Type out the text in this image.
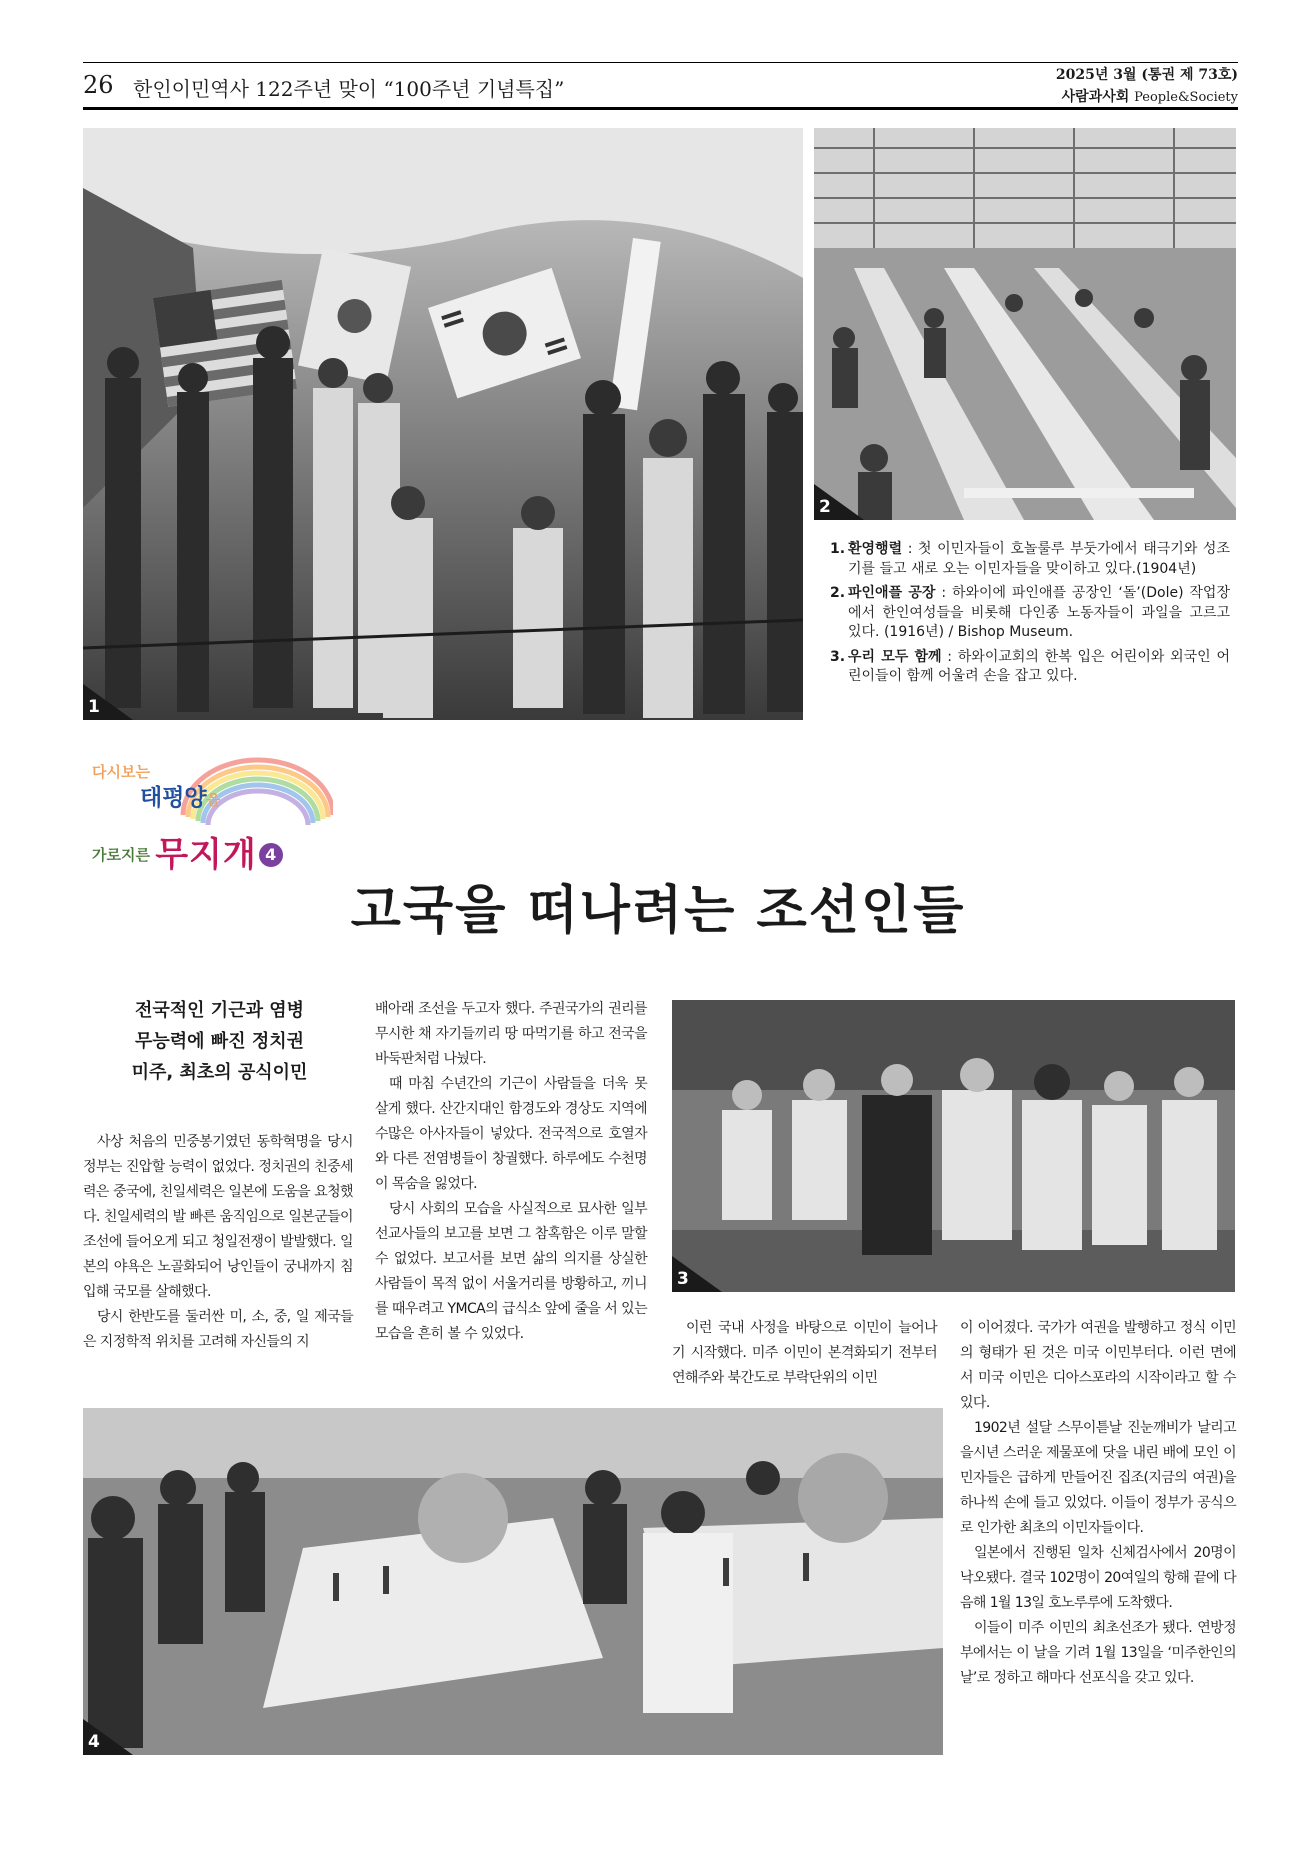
26 한인이민역사 122주년 맞이 “100주년 기념특집”
2025년 3월 (통권 제 73호)
사람과사회 People&Society
1
2
1. 환영행렬 : 첫 이민자들이 호놀룰루 부둣가에서 태극기와 성조기를 들고 새로 오는 이민자들을 맞이하고 있다.(1904년)
2. 파인애플 공장 : 하와이에 파인애플 공장인 ‘돌’(Dole) 작업장에서 한인여성들을 비롯해 다인종 노동자들이 과일을 고르고 있다. (1916년) / Bishop Museum.
3. 우리 모두 함께 : 하와이교회의 한복 입은 어린이와 외국인 어린이들이 함께 어울려 손을 잡고 있다.
다시보는
태평양을
가로지른 무지개 4
고국을 떠나려는 조선인들
전국적인 기근과 염병
무능력에 빠진 정치권
미주, 최초의 공식이민

사상 처음의 민중봉기였던 동학혁명을 당시 정부는 진압할 능력이 없었다. 정치권의 친중세력은 중국에, 친일세력은 일본에 도움을 요청했다. 친일세력의 발 빠른 움직임으로 일본군들이 조선에 들어오게 되고 청일전쟁이 발발했다. 일본의 야욕은 노골화되어 낭인들이 궁내까지 침입해 국모를 살해했다.

당시 한반도를 둘러싼 미, 소, 중, 일 제국들은 지정학적 위치를 고려해 자신들의 지

배아래 조선을 두고자 했다. 주권국가의 권리를 무시한 채 자기들끼리 땅 따먹기를 하고 전국을 바둑판처럼 나눴다.

때 마침 수년간의 기근이 사람들을 더욱 못 살게 했다. 산간지대인 함경도와 경상도 지역에 수많은 아사자들이 넣았다. 전국적으로 호열자와 다른 전염병들이 창궐했다. 하루에도 수천명이 목숨을 잃었다.

당시 사회의 모습을 사실적으로 묘사한 일부 선교사들의 보고를 보면 그 참혹함은 이루 말할 수 없었다. 보고서를 보면 삶의 의지를 상실한 사람들이 목적 없이 서울거리를 방황하고, 끼니를 때우려고 YMCA의 급식소 앞에 줄을 서 있는 모습을 흔히 볼 수 있었다.

3

이런 국내 사정을 바탕으로 이민이 늘어나기 시작했다. 미주 이민이 본격화되기 전부터 연해주와 북간도로 부락단위의 이민

이 이어졌다. 국가가 여권을 발행하고 정식 이민의 형태가 된 것은 미국 이민부터다. 이런 면에서 미국 이민은 디아스포라의 시작이라고 할 수 있다.

1902년 설달 스무이튿날 진눈깨비가 날리고 을시년 스러운 제물포에 닷을 내린 배에 모인 이민자들은 급하게 만들어진 집조(지금의 여권)을 하나씩 손에 들고 있었다. 이들이 정부가 공식으로 인가한 최초의 이민자들이다.

일본에서 진행된 일차 신체검사에서 20명이 낙오됐다. 결국 102명이 20여일의 항해 끝에 다음해 1월 13일 호노루루에 도착했다.

이들이 미주 이민의 최초선조가 됐다. 연방정부에서는 이 날을 기려 1월 13일을 ‘미주한인의 날’로 정하고 해마다 선포식을 갖고 있다.

4
